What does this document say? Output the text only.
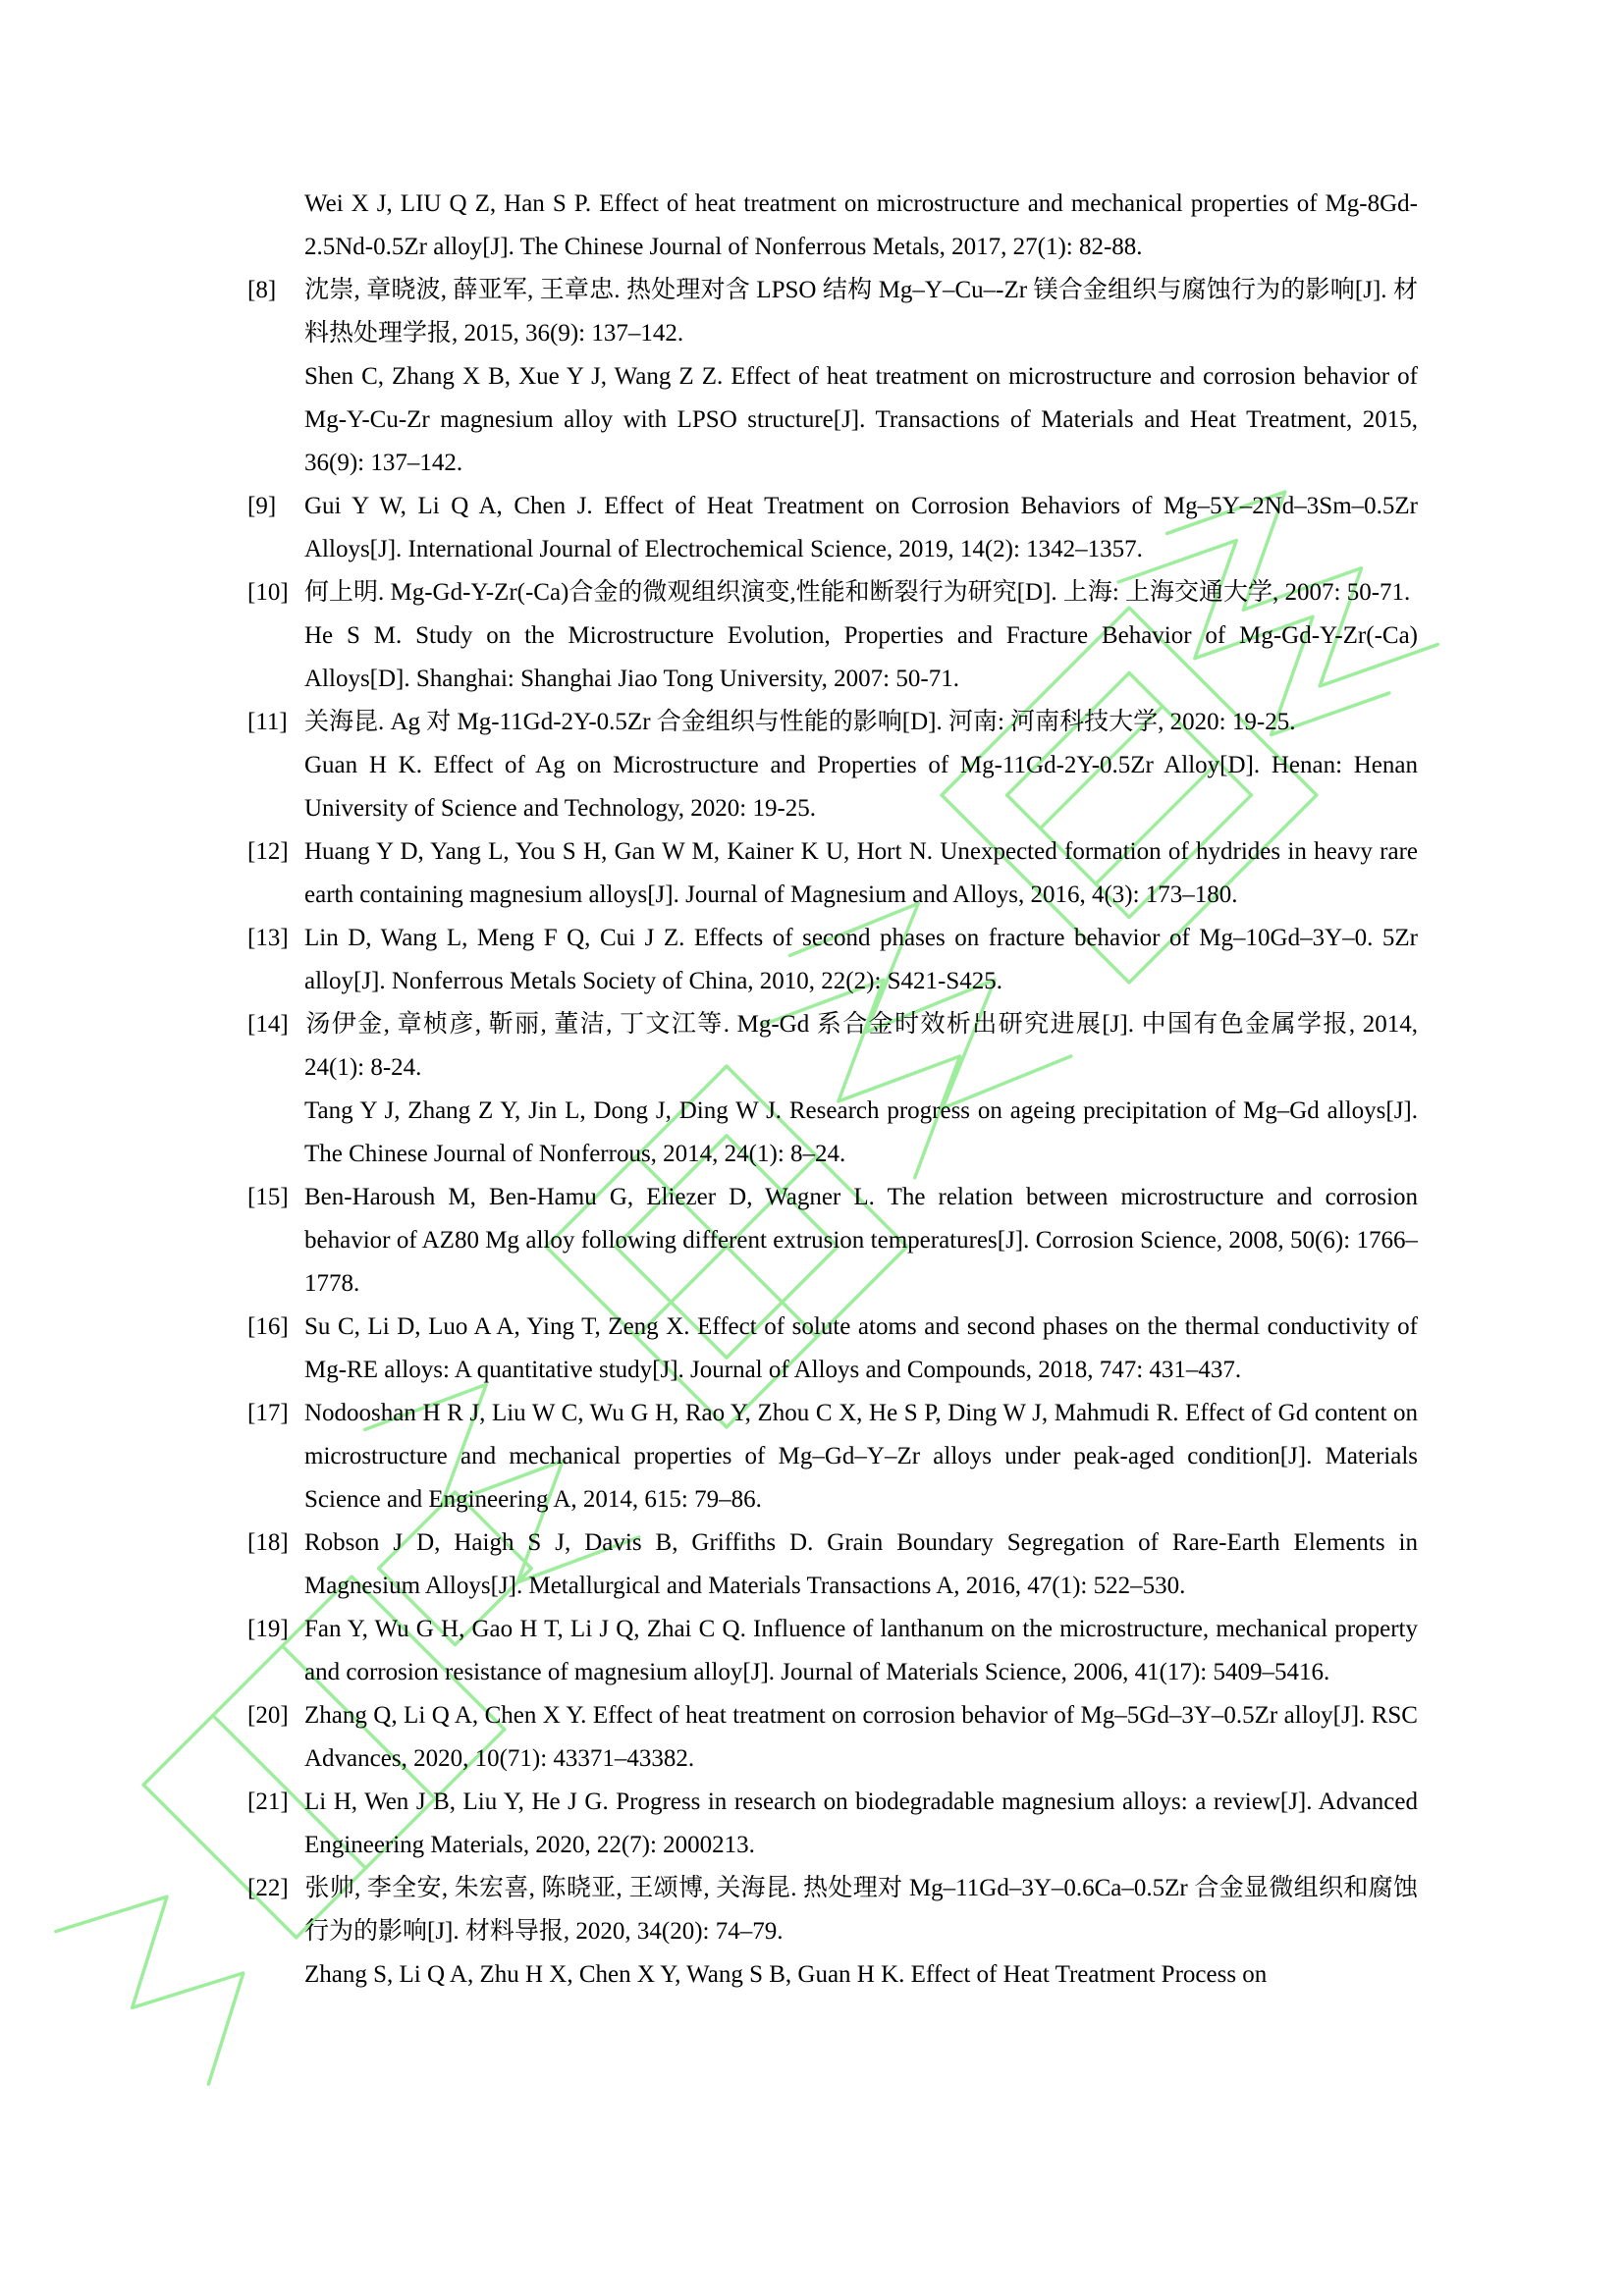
Wei X J, LIU Q Z, Han S P. Effect of heat treatment on microstructure and mechanical properties of Mg-8Gd-2.5Nd-0.5Zr alloy[J]. The Chinese Journal of Nonferrous Metals, 2017, 27(1): 82-88.

[8] 沈崇, 章晓波, 薛亚军, 王章忠. 热处理对含 LPSO 结构 Mg–Y–Cu–-Zr 镁合金组织与腐蚀行为的影响[J]. 材料热处理学报, 2015, 36(9): 137–142.

Shen C, Zhang X B, Xue Y J, Wang Z Z. Effect of heat treatment on microstructure and corrosion behavior of Mg-Y-Cu-Zr magnesium alloy with LPSO structure[J]. Transactions of Materials and Heat Treatment, 2015, 36(9): 137–142.

[9] Gui Y W, Li Q A, Chen J. Effect of Heat Treatment on Corrosion Behaviors of Mg–5Y–2Nd–3Sm–0.5Zr Alloys[J]. International Journal of Electrochemical Science, 2019, 14(2): 1342–1357.

[10] 何上明. Mg-Gd-Y-Zr(-Ca)合金的微观组织演变,性能和断裂行为研究[D]. 上海: 上海交通大学, 2007: 50-71.

He S M. Study on the Microstructure Evolution, Properties and Fracture Behavior of Mg-Gd-Y-Zr(-Ca) Alloys[D]. Shanghai: Shanghai Jiao Tong University, 2007: 50-71.

[11] 关海昆. Ag 对 Mg-11Gd-2Y-0.5Zr 合金组织与性能的影响[D]. 河南: 河南科技大学, 2020: 19-25.

Guan H K. Effect of Ag on Microstructure and Properties of Mg-11Gd-2Y-0.5Zr Alloy[D]. Henan: Henan University of Science and Technology, 2020: 19-25.

[12] Huang Y D, Yang L, You S H, Gan W M, Kainer K U, Hort N. Unexpected formation of hydrides in heavy rare earth containing magnesium alloys[J]. Journal of Magnesium and Alloys, 2016, 4(3): 173–180.

[13] Lin D, Wang L, Meng F Q, Cui J Z. Effects of second phases on fracture behavior of Mg–10Gd–3Y–0. 5Zr alloy[J]. Nonferrous Metals Society of China, 2010, 22(2): S421-S425.

[14] 汤伊金, 章桢彦, 靳丽, 董洁, 丁文江等. Mg-Gd 系合金时效析出研究进展[J]. 中国有色金属学报, 2014, 24(1): 8-24.

Tang Y J, Zhang Z Y, Jin L, Dong J, Ding W J. Research progress on ageing precipitation of Mg–Gd alloys[J]. The Chinese Journal of Nonferrous, 2014, 24(1): 8–24.

[15] Ben-Haroush M, Ben-Hamu G, Eliezer D, Wagner L. The relation between microstructure and corrosion behavior of AZ80 Mg alloy following different extrusion temperatures[J]. Corrosion Science, 2008, 50(6): 1766–1778.

[16] Su C, Li D, Luo A A, Ying T, Zeng X. Effect of solute atoms and second phases on the thermal conductivity of Mg-RE alloys: A quantitative study[J]. Journal of Alloys and Compounds, 2018, 747: 431–437.

[17] Nodooshan H R J, Liu W C, Wu G H, Rao Y, Zhou C X, He S P, Ding W J, Mahmudi R. Effect of Gd content on microstructure and mechanical properties of Mg–Gd–Y–Zr alloys under peak-aged condition[J]. Materials Science and Engineering A, 2014, 615: 79–86.

[18] Robson J D, Haigh S J, Davis B, Griffiths D. Grain Boundary Segregation of Rare-Earth Elements in Magnesium Alloys[J]. Metallurgical and Materials Transactions A, 2016, 47(1): 522–530.

[19] Fan Y, Wu G H, Gao H T, Li J Q, Zhai C Q. Influence of lanthanum on the microstructure, mechanical property and corrosion resistance of magnesium alloy[J]. Journal of Materials Science, 2006, 41(17): 5409–5416.

[20] Zhang Q, Li Q A, Chen X Y. Effect of heat treatment on corrosion behavior of Mg–5Gd–3Y–0.5Zr alloy[J]. RSC Advances, 2020, 10(71): 43371–43382.

[21] Li H, Wen J B, Liu Y, He J G. Progress in research on biodegradable magnesium alloys: a review[J]. Advanced Engineering Materials, 2020, 22(7): 2000213.

[22] 张帅, 李全安, 朱宏喜, 陈晓亚, 王颂博, 关海昆. 热处理对 Mg–11Gd–3Y–0.6Ca–0.5Zr 合金显微组织和腐蚀行为的影响[J]. 材料导报, 2020, 34(20): 74–79.

Zhang S, Li Q A, Zhu H X, Chen X Y, Wang S B, Guan H K. Effect of Heat Treatment Process on
